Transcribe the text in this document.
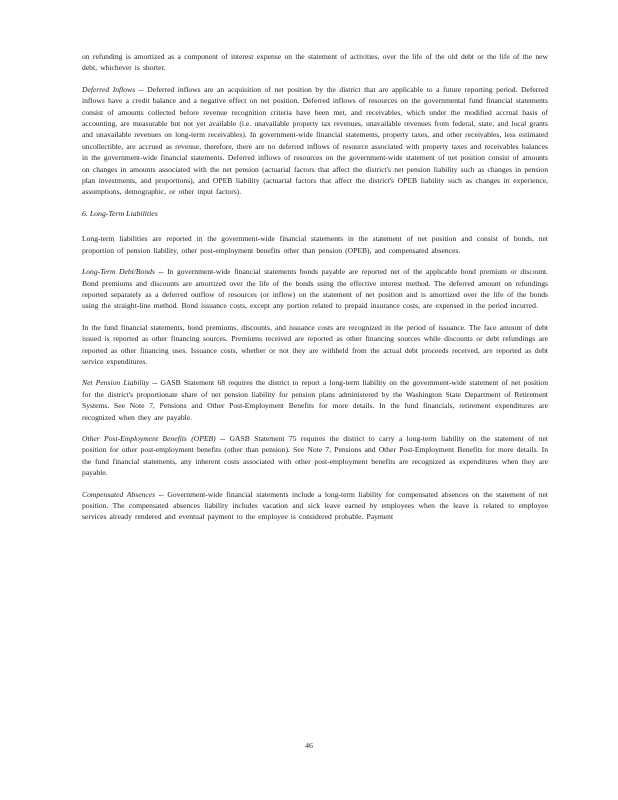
on refunding is amortized as a component of interest expense on the statement of activities, over the life of the old debt or the life of the new debt, whichever is shorter.

Deferred Inflows -- Deferred inflows are an acquisition of net position by the district that are applicable to a future reporting period. Deferred inflows have a credit balance and a negative effect on net position. Deferred inflows of resources on the governmental fund financial statements consist of amounts collected before revenue recognition criteria have been met, and receivables, which under the modified accrual basis of accounting, are measurable but not yet available (i.e. unavailable property tax revenues, unavailable revenues from federal, state, and local grants and unavailable revenues on long-term receivables). In government-wide financial statements, property taxes, and other receivables, less estimated uncollectible, are accrued as revenue, therefore, there are no deferred inflows of resource associated with property taxes and receivables balances in the government-wide financial statements. Deferred inflows of resources on the government-wide statement of net position consist of amounts on changes in amounts associated with the net pension (actuarial factors that affect the district's net pension liability such as changes in pension plan investments, and proportions), and OPEB liability (actuarial factors that affect the district's OPEB liability such as changes in experience, assumptions, demographic, or other input factors).

6. Long-Term Liabilities

Long-term liabilities are reported in the government-wide financial statements in the statement of net position and consist of bonds, net proportion of pension liability, other post-employment benefits other than pension (OPEB), and compensated absences.

Long-Term Debt/Bonds -- In government-wide financial statements bonds payable are reported net of the applicable bond premium or discount. Bond premiums and discounts are amortized over the life of the bonds using the effective interest method. The deferred amount on refundings reported separately as a deferred outflow of resources (or inflow) on the statement of net position and is amortized over the life of the bonds using the straight-line method. Bond issuance costs, except any portion related to prepaid insurance costs, are expensed in the period incurred.

In the fund financial statements, bond premiums, discounts, and issuance costs are recognized in the period of issuance. The face amount of debt issued is reported as other financing sources. Premiums received are reported as other financing sources while discounts or debt refundings are reported as other financing uses. Issuance costs, whether or not they are withheld from the actual debt proceeds received, are reported as debt service expenditures.

Net Pension Liability -- GASB Statement 68 requires the district to report a long-term liability on the government-wide statement of net position for the district's proportionate share of net pension liability for pension plans administered by the Washington State Department of Retirement Systems. See Note 7, Pensions and Other Post-Employment Benefits for more details. In the fund financials, retirement expenditures are recognized when they are payable.

Other Post-Employment Benefits (OPEB) -- GASB Statement 75 requires the district to carry a long-term liability on the statement of net position for other post-employment benefits (other than pension). See Note 7, Pensions and Other Post-Employment Benefits for more details. In the fund financial statements, any inherent costs associated with other post-employment benefits are recognized as expenditures when they are payable.

Compensated Absences -- Government-wide financial statements include a long-term liability for compensated absences on the statement of net position. The compensated absences liability includes vacation and sick leave earned by employees when the leave is related to employee services already rendered and eventual payment to the employee is considered probable. Payment

46
